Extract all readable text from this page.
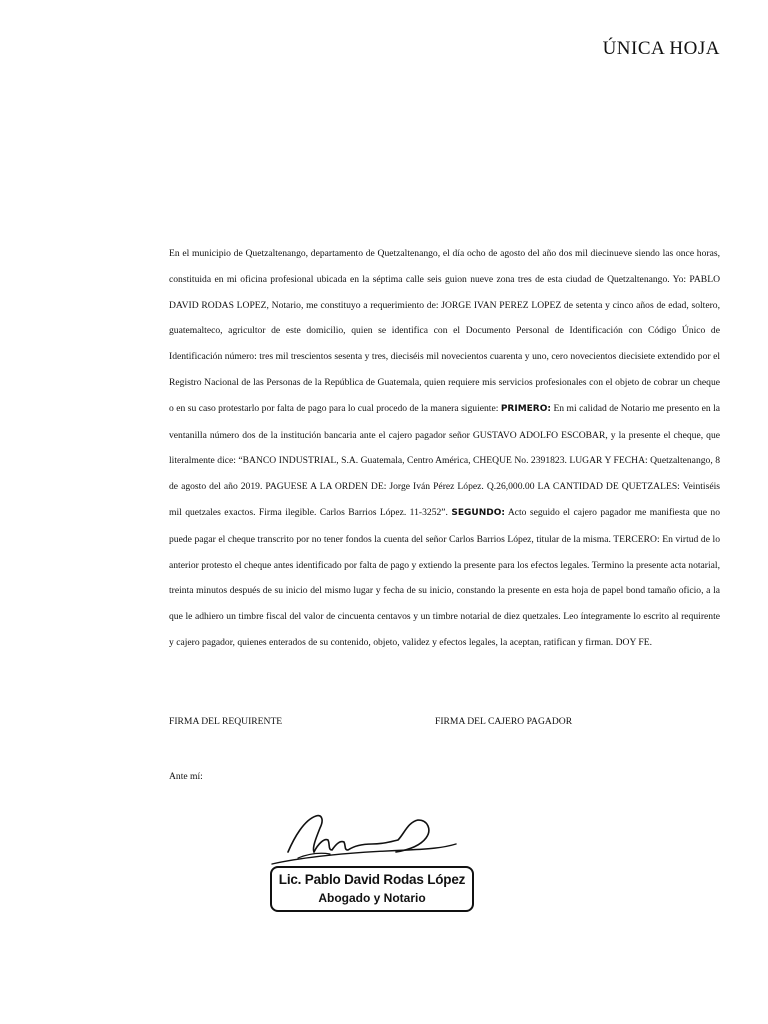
ÚNICA HOJA
En el municipio de Quetzaltenango, departamento de Quetzaltenango, el día ocho de agosto del año dos mil diecinueve siendo las once horas, constituida en mi oficina profesional ubicada en la séptima calle seis guion nueve zona tres de esta ciudad de Quetzaltenango. Yo: PABLO DAVID RODAS LOPEZ, Notario, me constituyo a requerimiento de: JORGE IVAN PEREZ LOPEZ de setenta y cinco años de edad, soltero, guatemalteco, agricultor de este domicilio, quien se identifica con el Documento Personal de Identificación con Código Único de Identificación número: tres mil trescientos sesenta y tres, dieciséis mil novecientos cuarenta y uno, cero novecientos diecisiete extendido por el Registro Nacional de las Personas de la República de Guatemala, quien requiere mis servicios profesionales con el objeto de cobrar un cheque o en su caso protestarlo por falta de pago para lo cual procedo de la manera siguiente: PRIMERO: En mi calidad de Notario me presento en la ventanilla número dos de la institución bancaria ante el cajero pagador señor GUSTAVO ADOLFO ESCOBAR, y la presente el cheque, que literalmente dice: “BANCO INDUSTRIAL, S.A. Guatemala, Centro América, CHEQUE No. 2391823. LUGAR Y FECHA: Quetzaltenango, 8 de agosto del año 2019. PAGUESE A LA ORDEN DE: Jorge Iván Pérez López. Q.26,000.00 LA CANTIDAD DE QUETZALES: Veintiséis mil quetzales exactos. Firma ilegible. Carlos Barrios López. 11-3252”. SEGUNDO: Acto seguido el cajero pagador me manifiesta que no puede pagar el cheque transcrito por no tener fondos la cuenta del señor Carlos Barrios López, titular de la misma. TERCERO: En virtud de lo anterior protesto el cheque antes identificado por falta de pago y extiendo la presente para los efectos legales. Termino la presente acta notarial, treinta minutos después de su inicio del mismo lugar y fecha de su inicio, constando la presente en esta hoja de papel bond tamaño oficio, a la que le adhiero un timbre fiscal del valor de cincuenta centavos y un timbre notarial de diez quetzales. Leo íntegramente lo escrito al requirente y cajero pagador, quienes enterados de su contenido, objeto, validez y efectos legales, la aceptan, ratifican y firman. DOY FE.
FIRMA DEL REQUIRENTE	FIRMA DEL CAJERO PAGADOR
Ante mí:
Lic. Pablo David Rodas López
Abogado y Notario
